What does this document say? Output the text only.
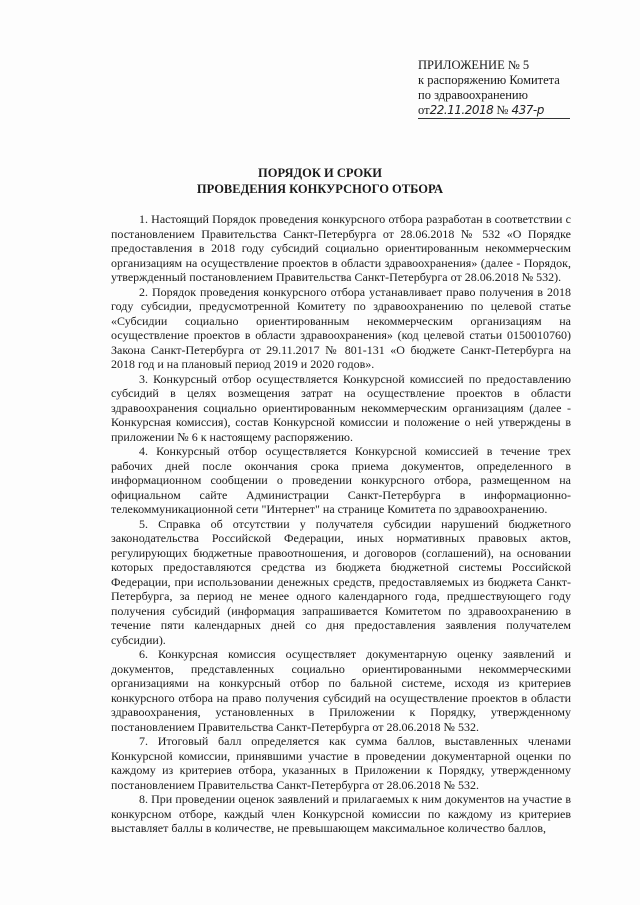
ПРИЛОЖЕНИЕ № 5
к распоряжению Комитета
по здравоохранению
от22.11.2018 № 437-р
ПОРЯДОК И СРОКИ
ПРОВЕДЕНИЯ КОНКУРСНОГО ОТБОРА

1. Настоящий Порядок проведения конкурсного отбора разработан в соответствии с постановлением Правительства Санкт-Петербурга от 28.06.2018 № 532 «О Порядке предоставления в 2018 году субсидий социально ориентированным некоммерческим организациям на осуществление проектов в области здравоохранения» (далее - Порядок, утвержденный постановлением Правительства Санкт-Петербурга от 28.06.2018 № 532).

2. Порядок проведения конкурсного отбора устанавливает право получения в 2018 году субсидии, предусмотренной Комитету по здравоохранению по целевой статье «Субсидии социально ориентированным некоммерческим организациям на осуществление проектов в области здравоохранения» (код целевой статьи 0150010760) Закона Санкт-Петербурга от 29.11.2017 № 801-131 «О бюджете Санкт-Петербурга на 2018 год и на плановый период 2019 и 2020 годов».

3. Конкурсный отбор осуществляется Конкурсной комиссией по предоставлению субсидий в целях возмещения затрат на осуществление проектов в области здравоохранения социально ориентированным некоммерческим организациям (далее - Конкурсная комиссия), состав Конкурсной комиссии и положение о ней утверждены в приложении № 6 к настоящему распоряжению.

4. Конкурсный отбор осуществляется Конкурсной комиссией в течение трех рабочих дней после окончания срока приема документов, определенного в информационном сообщении о проведении конкурсного отбора, размещенном на официальном сайте Администрации Санкт-Петербурга в информационно-телекоммуникационной сети "Интернет" на странице Комитета по здравоохранению.

5. Справка об отсутствии у получателя субсидии нарушений бюджетного законодательства Российской Федерации, иных нормативных правовых актов, регулирующих бюджетные правоотношения, и договоров (соглашений), на основании которых предоставляются средства из бюджета бюджетной системы Российской Федерации, при использовании денежных средств, предоставляемых из бюджета Санкт-Петербурга, за период не менее одного календарного года, предшествующего году получения субсидий (информация запрашивается Комитетом по здравоохранению в течение пяти календарных дней со дня предоставления заявления получателем субсидии).

6. Конкурсная комиссия осуществляет документарную оценку заявлений и документов, представленных социально ориентированными некоммерческими организациями на конкурсный отбор по бальной системе, исходя из критериев конкурсного отбора на право получения субсидий на осуществление проектов в области здравоохранения, установленных в Приложении к Порядку, утвержденному постановлением Правительства Санкт-Петербурга от 28.06.2018 № 532.

7. Итоговый балл определяется как сумма баллов, выставленных членами Конкурсной комиссии, принявшими участие в проведении документарной оценки по каждому из критериев отбора, указанных в Приложении к Порядку, утвержденному постановлением Правительства Санкт-Петербурга от 28.06.2018 № 532.

8. При проведении оценок заявлений и прилагаемых к ним документов на участие в конкурсном отборе, каждый член Конкурсной комиссии по каждому из критериев выставляет баллы в количестве, не превышающем максимальное количество баллов,
